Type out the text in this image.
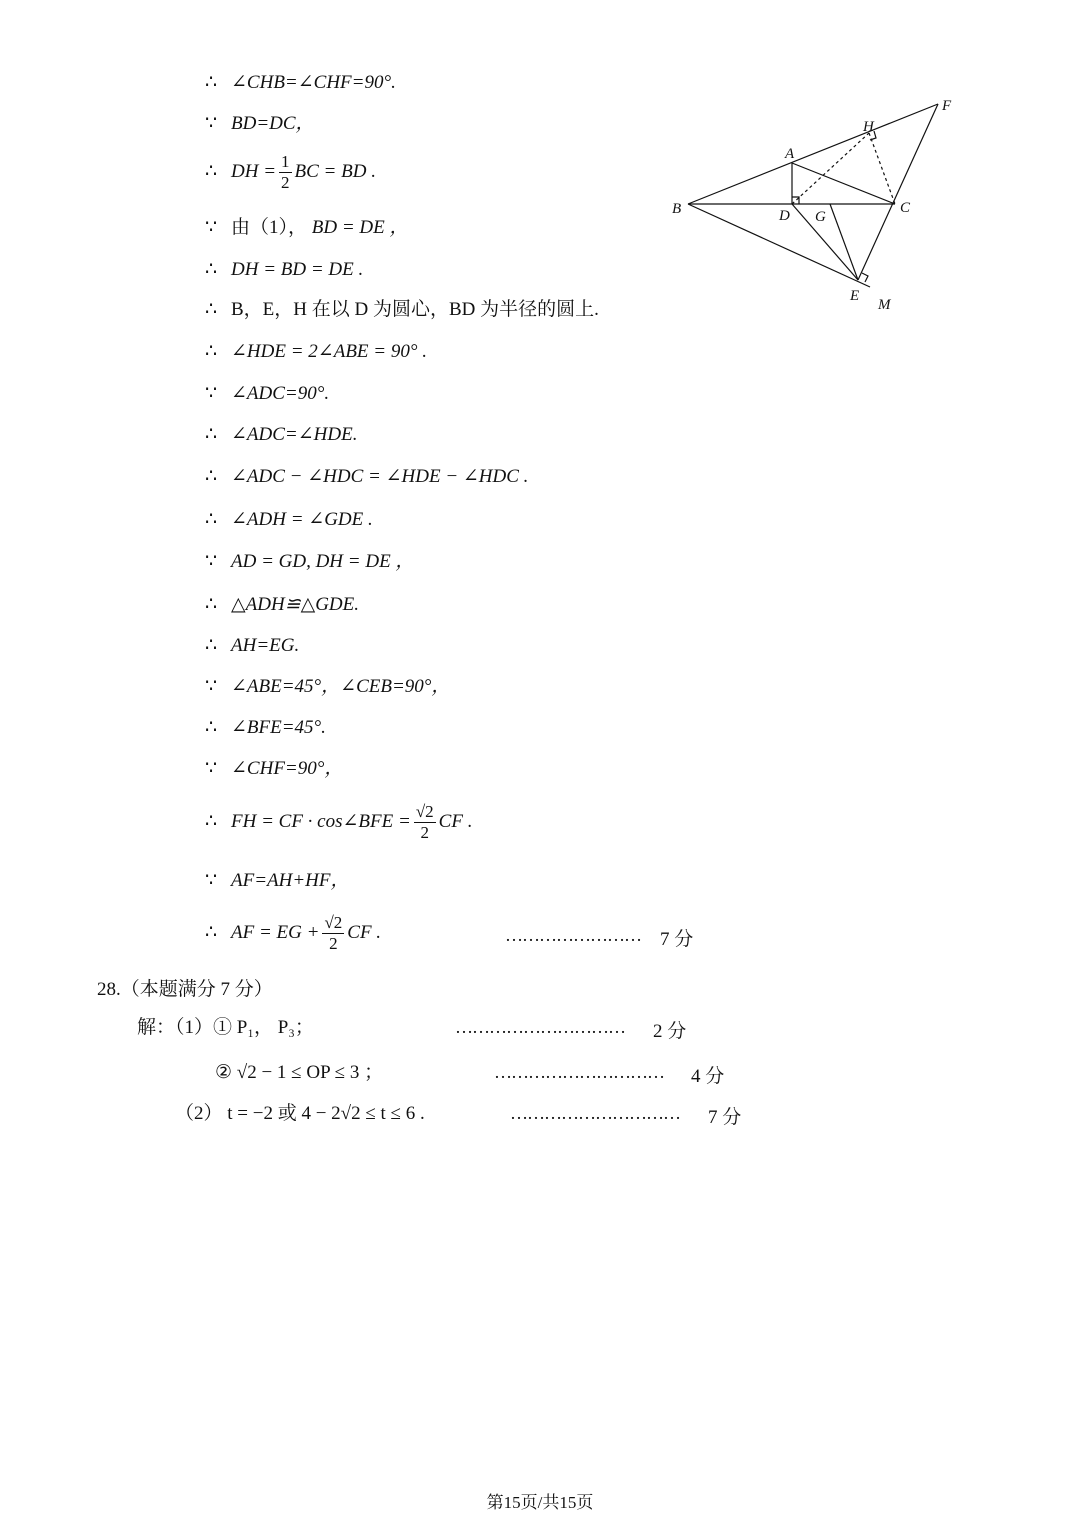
∴ ∠CHB=∠CHF=90°.
∵ BD=DC，
∴ DH = $\frac{1}{2}$ BC = BD .
∵ 由（1）， BD = DE ，
∴ DH = BD = DE .
∴ B，E，H 在以 D 为圆心，BD 为半径的圆上.
∴ ∠HDE = 2∠ABE = 90° .
∵ ∠ADC=90°.
∴ ∠ADC=∠HDE.
∴ ∠ADC − ∠HDC = ∠HDE − ∠HDC .
∴ ∠ADH = ∠GDE .
∵ AD = GD, DH = DE ，
∴ △ADH≌△GDE.
∴ AH=EG.
∵ ∠ABE=45°，∠CEB=90°，
∴ ∠BFE=45°.
∵ ∠CHF=90°，
∴ FH = CF · cos∠BFE = $\frac{√2}{2}$ CF .
∵ AF=AH+HF，
∴ AF = EG + $\frac{√2}{2}$ CF .	…………………… 7 分
28.（本题满分 7 分）
解：（1）① P₁， P₃；	………………………… 2 分
② √2 − 1 ≤ OP ≤ 3 ；	………………………… 4 分
（2） t = −2 或 4 − 2√2 ≤ t ≤ 6 .	………………………… 7 分
F
H
A
B	D G
C
E
M
第15页/共15页
